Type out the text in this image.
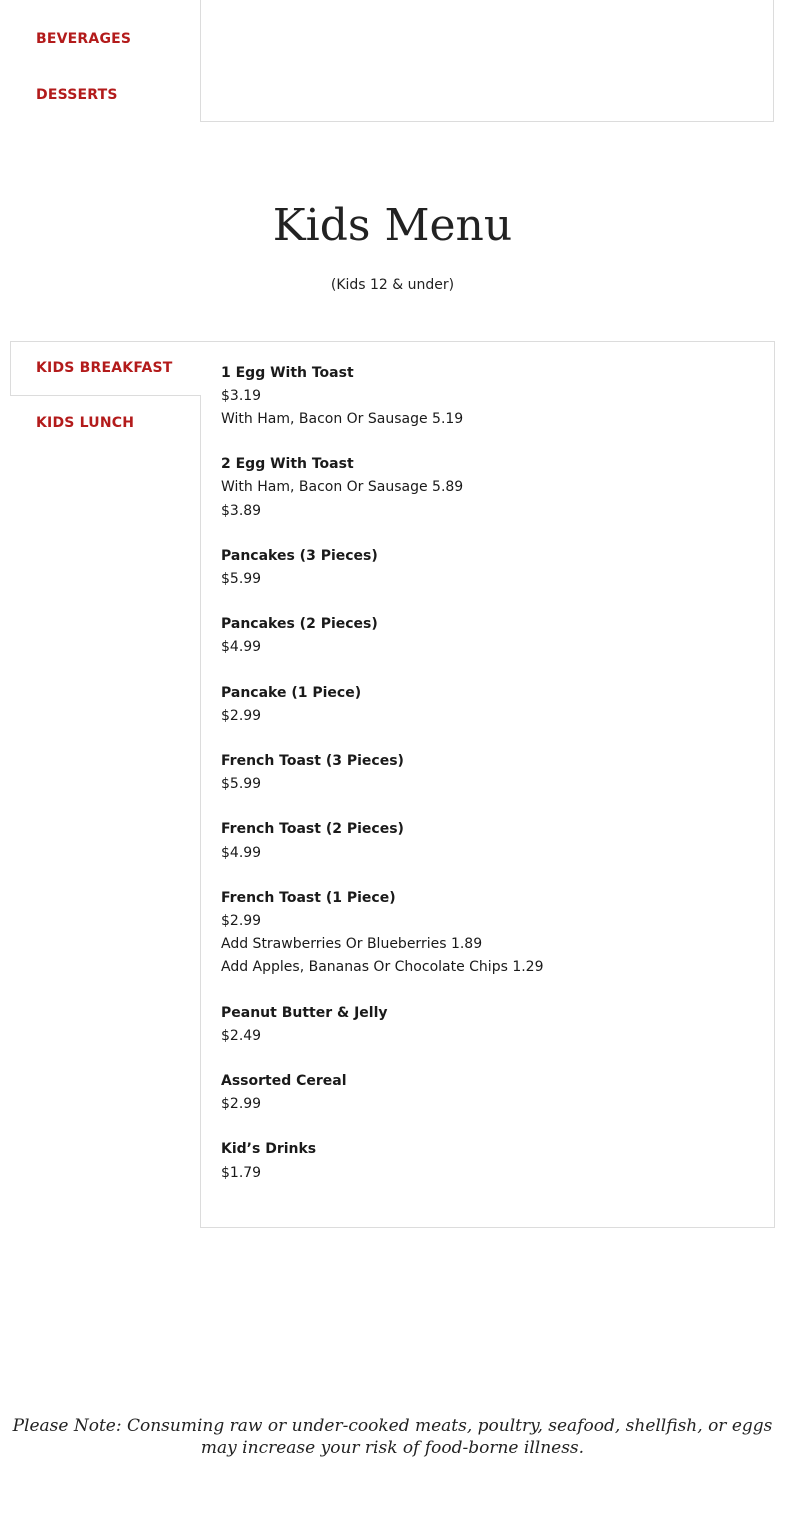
BEVERAGES
DESSERTS
Kids Menu
(Kids 12 & under)
KIDS BREAKFAST
KIDS LUNCH
1 Egg With Toast
$3.19
With Ham, Bacon Or Sausage 5.19
2 Egg With Toast
With Ham, Bacon Or Sausage 5.89
$3.89
Pancakes (3 Pieces)
$5.99
Pancakes (2 Pieces)
$4.99
Pancake (1 Piece)
$2.99
French Toast (3 Pieces)
$5.99
French Toast (2 Pieces)
$4.99
French Toast (1 Piece)
$2.99
Add Strawberries Or Blueberries 1.89
Add Apples, Bananas Or Chocolate Chips 1.29
Peanut Butter & Jelly
$2.49
Assorted Cereal
$2.99
Kid’s Drinks
$1.79
Please Note: Consuming raw or under-cooked meats, poultry, seafood, shellfish, or eggs may increase your risk of food-borne illness.
